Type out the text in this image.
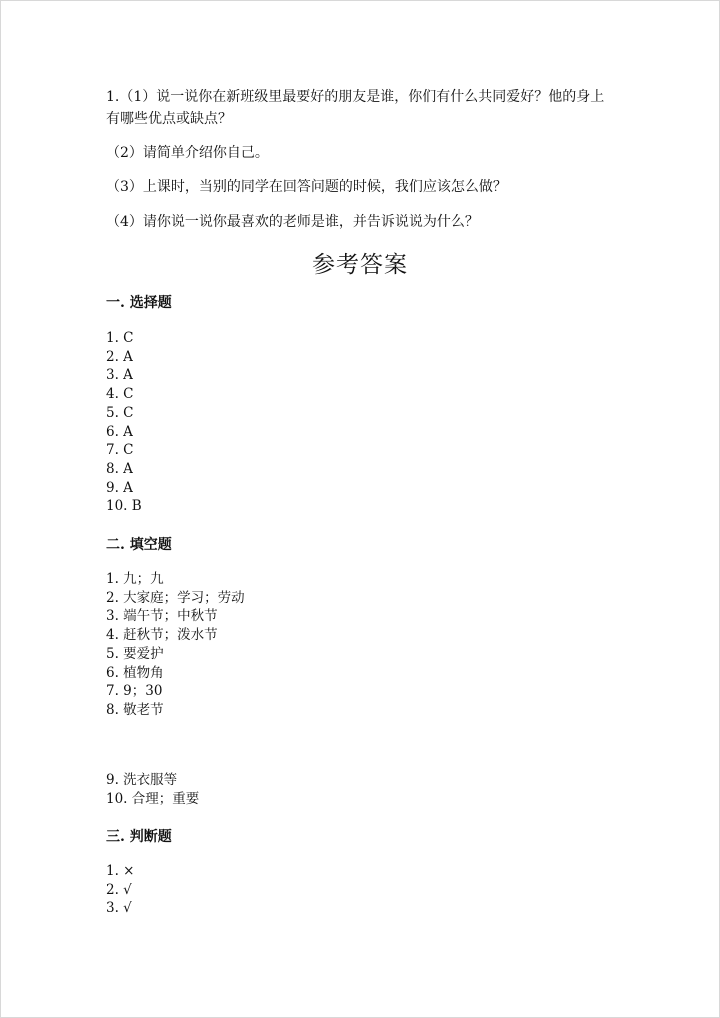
1.（1）说一说你在新班级里最要好的朋友是谁，你们有什么共同爱好？他的身上有哪些优点或缺点？
（2）请简单介绍你自己。
（3）上课时，当别的同学在回答问题的时候，我们应该怎么做？
（4）请你说一说你最喜欢的老师是谁，并告诉说说为什么？
参考答案
一. 选择题
1. C
2. A
3. A
4. C
5. C
6. A
7. C
8. A
9. A
10. B
二. 填空题
1. 九；九
2. 大家庭；学习；劳动
3. 端午节；中秋节
4. 赶秋节；泼水节
5. 要爱护
6. 植物角
7. 9；30
8. 敬老节
9. 洗衣服等
10. 合理；重要
三. 判断题
1. ×
2. √
3. √
